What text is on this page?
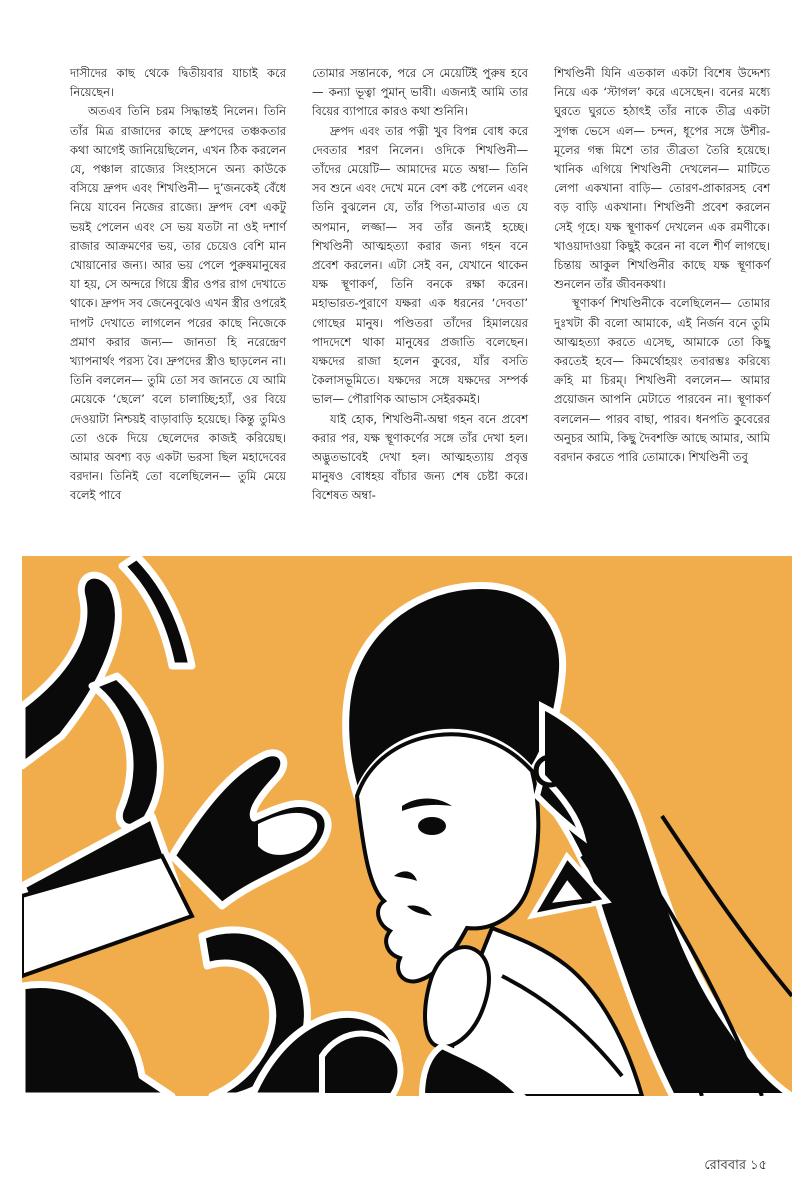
দাসীদের কাছ থেকে দ্বিতীয়বার যাচাই করে নিয়েছেন।

অতএব তিনি চরম সিদ্ধান্তই নিলেন। তিনি তাঁর মিত্র রাজাদের কাছে দ্রুপদের তঞ্চকতার কথা আগেই জানিয়েছিলেন, এখন ঠিক করলেন যে, পঞ্চাল রাজ্যের সিংহাসনে অন্য কাউকে বসিয়ে দ্রুপদ এবং শিখণ্ডিনী— দু’জনকেই বেঁধে নিয়ে যাবেন নিজের রাজ্যে। দ্রুপদ বেশ একটু ভয়ই পেলেন এবং সে ভয় যতটা না ওই দশার্ণ রাজার আক্রমণের ভয়, তার চেয়েও বেশি মান খোয়ানোর জন্য। আর ভয় পেলে পুরুষমানুষের যা হয়, সে অন্দরে গিয়ে স্ত্রীর ওপর রাগ দেখাতে থাকে। দ্রুপদ সব জেনেবুঝেও এখন স্ত্রীর ওপরেই দাপট দেখাতে লাগলেন পরের কাছে নিজেকে প্রমাণ করার জন্য— জানতা হি নরেন্দ্রেণ খ্যাপনার্থং পরস্য বৈ। দ্রুপদের স্ত্রীও ছাড়লেন না। তিনি বললেন— তুমি তো সব জানতে যে আমি মেয়েকে ‘ছেলে’ বলে চালাচ্ছি;হ্যাঁ, ওর বিয়ে দেওয়াটা নিশ্চয়ই বাড়াবাড়ি হয়েছে। কিন্তু তুমিও তো ওকে দিয়ে ছেলেদের কাজই করিয়েছ। আমার অবশ্য বড় একটা ভরসা ছিল মহাদেবের বরদান। তিনিই তো বলেছিলেন— তুমি মেয়ে বলেই পাবে

তোমার সন্তানকে, পরে সে মেয়েটিই পুরুষ হবে— কন্যা ভূত্বা পুমান্ ভাবী। এজন্যই আমি তার বিয়ের ব্যাপারে কারও কথা শুনিনি।

দ্রুপদ এবং তার পত্নী খুব বিপন্ন বোধ করে দেবতার শরণ নিলেন। ওদিকে শিখণ্ডিনী— তাঁদের মেয়েটি— আমাদের মতে অম্বা— তিনি সব শুনে এবং দেখে মনে বেশ কষ্ট পেলেন এবং তিনি বুঝলেন যে, তাঁর পিতা-মাতার এত যে অপমান, লজ্জা— সব তাঁর জন্যই হচ্ছে। শিখণ্ডিনী আত্মহত্যা করার জন্য গহন বনে প্রবেশ করলেন। এটা সেই বন, যেখানে থাকেন যক্ষ স্থূণাকর্ণ, তিনি বনকে রক্ষা করেন। মহাভারত-পুরাণে যক্ষরা এক ধরনের ‘দেবতা’ গোছের মানুষ। পণ্ডিতরা তাঁদের হিমালয়ের পাদদেশে থাকা মানুষের প্রজাতি বলেছেন। যক্ষদের রাজা হলেন কুবের, যাঁর বসতি কৈলাসভূমিতে। যক্ষদের সঙ্গে যক্ষদের সম্পর্ক ভাল— পৌরাণিক আভাস সেইরকমই।

যাই হোক, শিখণ্ডিনী-অম্বা গহন বনে প্রবেশ করার পর, যক্ষ স্থূণাকর্ণের সঙ্গে তাঁর দেখা হল। অদ্ভুতভাবেই দেখা হল। আত্মহত্যায় প্রবৃত্ত মানুষও বোধহয় বাঁচার জন্য শেষ চেষ্টা করে। বিশেষত অম্বা-

শিখণ্ডিনী যিনি এতকাল একটা বিশেষ উদ্দেশ্য নিয়ে এক ‘স্টাগল’ করে এসেছেন। বনের মধ্যে ঘুরতে ঘুরতে হঠাৎই তাঁর নাকে তীব্র একটা সুগন্ধ ভেসে এল— চন্দন, ধূপের সঙ্গে উশীর-মূলের গন্ধ মিশে তার তীব্রতা তৈরি হয়েছে। খানিক এগিয়ে শিখণ্ডিনী দেখলেন— মাটিতে লেপা একখানা বাড়ি— তোরণ-প্রাকারসহ বেশ বড় বাড়ি একখানা। শিখণ্ডিনী প্রবেশ করলেন সেই গৃহে। যক্ষ স্থূণাকর্ণ দেখলেন এক রমণীকে। খাওয়াদাওয়া কিছুই করেন না বলে শীর্ণ লাগছে। চিন্তায় আকুল শিখণ্ডিনীর কাছে যক্ষ স্থূণাকর্ণ শুনলেন তাঁর জীবনকথা।

স্থূণাকর্ণ শিখণ্ডিনীকে বলেছিলেন— তোমার দুঃখটা কী বলো আমাকে, এই নির্জন বনে তুমি আত্মহত্যা করতে এসেছ, আমাকে তো কিছু করতেই হবে— কিমর্থোহয়ং তবারম্ভঃ করিষ্যে ক্রহি মা চিরম্। শিখণ্ডিনী বললেন— আমার প্রয়োজন আপনি মেটাতে পারবেন না। স্থূণাকর্ণ বললেন— পারব বাছা, পারব। ধনপতি কুবেরের অনুচর আমি, কিছু দৈবশক্তি আছে আমার, আমি বরদান করতে পারি তোমাকে। শিখণ্ডিনী তবু

রোববার ১৫
